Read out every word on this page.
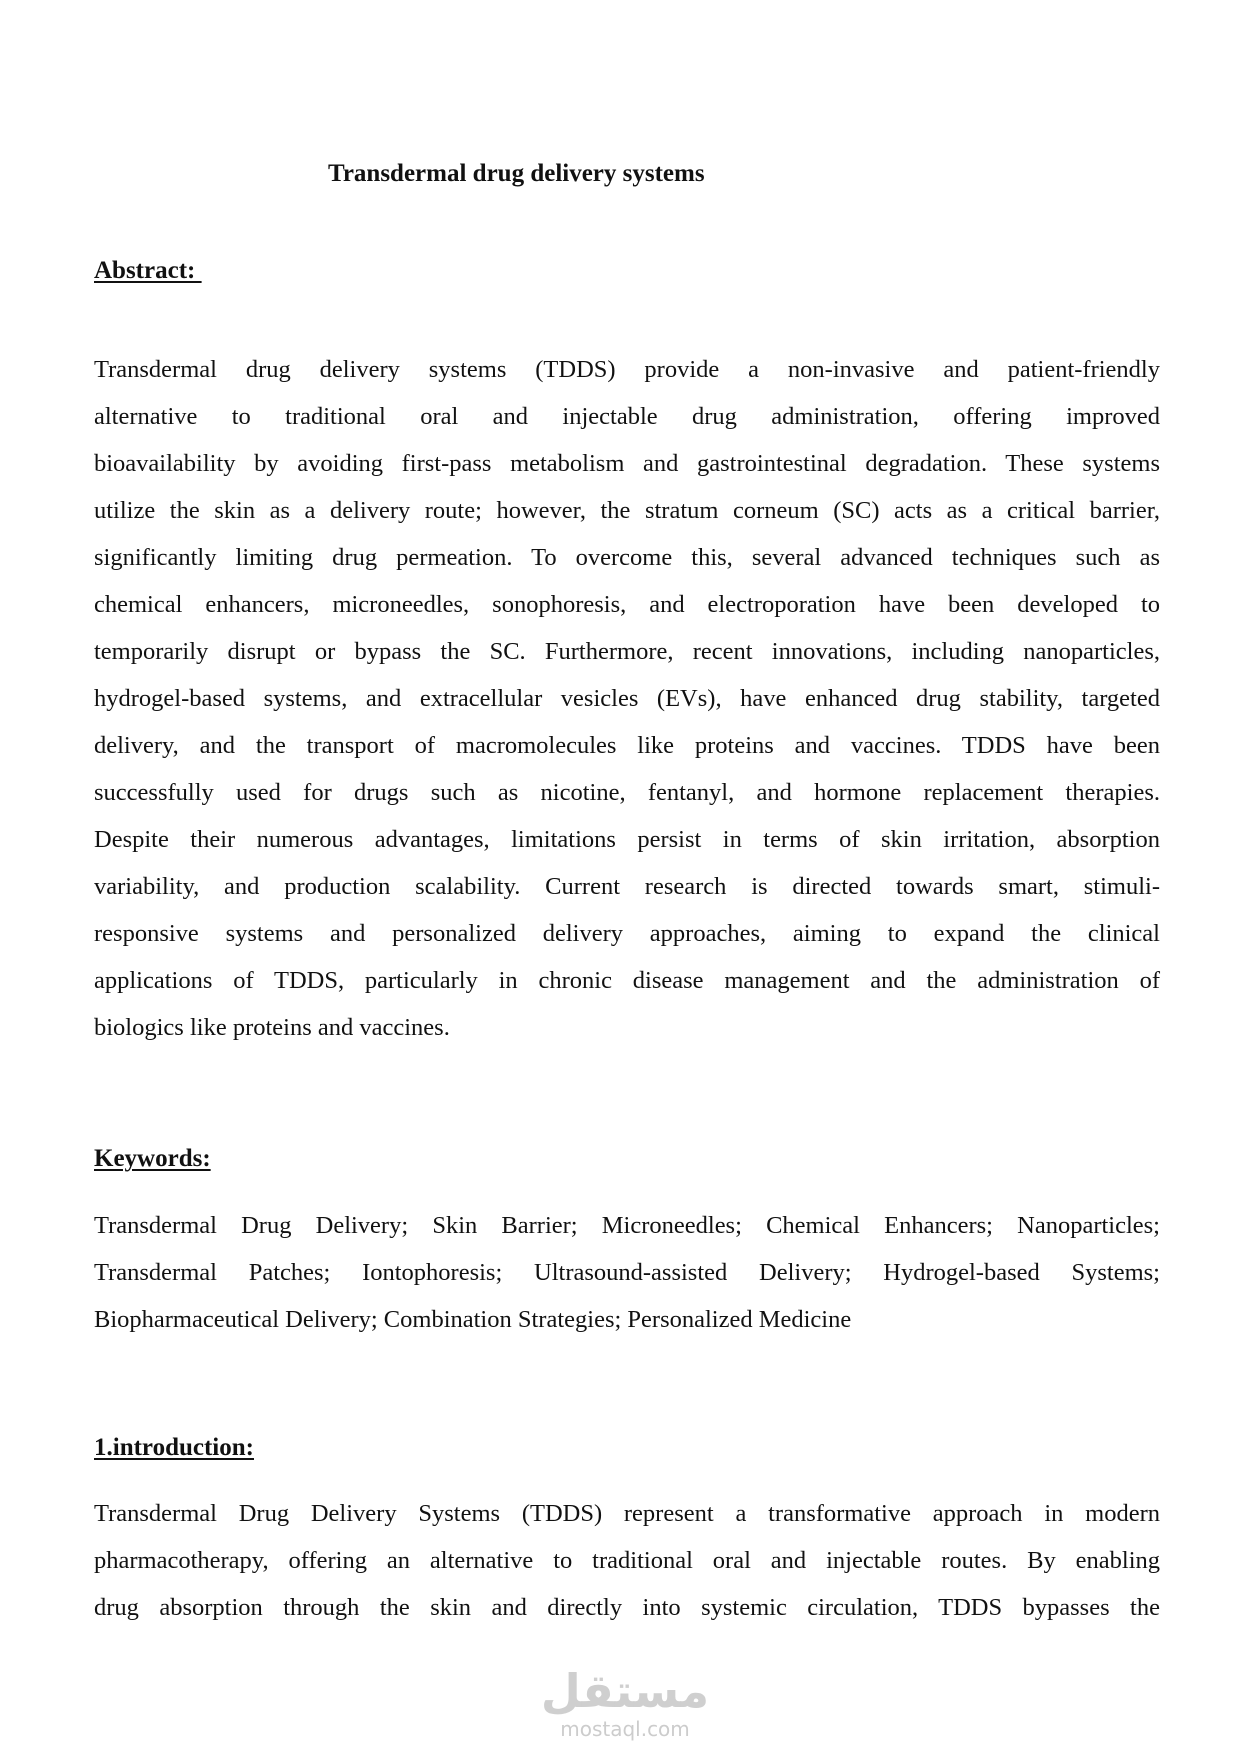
Transdermal drug delivery systems
Abstract:
Transdermal drug delivery systems (TDDS) provide a non-invasive and patient-friendly
alternative to traditional oral and injectable drug administration, offering improved
bioavailability by avoiding first-pass metabolism and gastrointestinal degradation. These systems
utilize the skin as a delivery route; however, the stratum corneum (SC) acts as a critical barrier,
significantly limiting drug permeation. To overcome this, several advanced techniques such as
chemical enhancers, microneedles, sonophoresis, and electroporation have been developed to
temporarily disrupt or bypass the SC. Furthermore, recent innovations, including nanoparticles,
hydrogel-based systems, and extracellular vesicles (EVs), have enhanced drug stability, targeted
delivery, and the transport of macromolecules like proteins and vaccines. TDDS have been
successfully used for drugs such as nicotine, fentanyl, and hormone replacement therapies.
Despite their numerous advantages, limitations persist in terms of skin irritation, absorption
variability, and production scalability. Current research is directed towards smart, stimuli-
responsive systems and personalized delivery approaches, aiming to expand the clinical
applications of TDDS, particularly in chronic disease management and the administration of
biologics like proteins and vaccines.
Keywords:
Transdermal Drug Delivery; Skin Barrier; Microneedles; Chemical Enhancers; Nanoparticles;
Transdermal Patches; Iontophoresis; Ultrasound-assisted Delivery; Hydrogel-based Systems;
Biopharmaceutical Delivery; Combination Strategies; Personalized Medicine
1.introduction:
Transdermal Drug Delivery Systems (TDDS) represent a transformative approach in modern
pharmacotherapy, offering an alternative to traditional oral and injectable routes. By enabling
drug absorption through the skin and directly into systemic circulation, TDDS bypasses the
مستقل
mostaql.com
